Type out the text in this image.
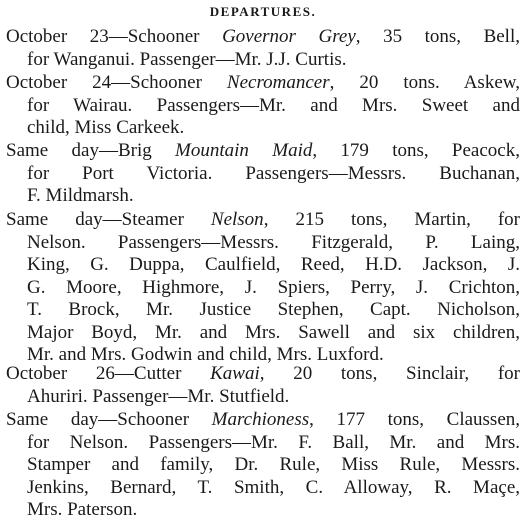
DEPARTURES.
October 23—Schooner Governor Grey, 35 tons, Bell,
for Wanganui. Passenger—Mr. J.J. Curtis.
October 24—Schooner Necromancer, 20 tons. Askew,
for Wairau. Passengers—Mr. and Mrs. Sweet and
child, Miss Carkeek.
Same day—Brig Mountain Maid, 179 tons, Peacock,
for Port Victoria. Passengers—Messrs. Buchanan,
F. Mildmarsh.
Same day—Steamer Nelson, 215 tons, Martin, for
Nelson. Passengers—Messrs. Fitzgerald, P. Laing,
King, G. Duppa, Caulfield, Reed, H.D. Jackson, J.
G. Moore, Highmore, J. Spiers, Perry, J. Crichton,
T. Brock, Mr. Justice Stephen, Capt. Nicholson,
Major Boyd, Mr. and Mrs. Sawell and six children,
Mr. and Mrs. Godwin and child, Mrs. Luxford.
October 26—Cutter Kawai, 20 tons, Sinclair, for
Ahuriri. Passenger—Mr. Stutfield.
Same day—Schooner Marchioness, 177 tons, Claussen,
for Nelson. Passengers—Mr. F. Ball, Mr. and Mrs.
Stamper and family, Dr. Rule, Miss Rule, Messrs.
Jenkins, Bernard, T. Smith, C. Alloway, R. Maçe,
Mrs. Paterson.
